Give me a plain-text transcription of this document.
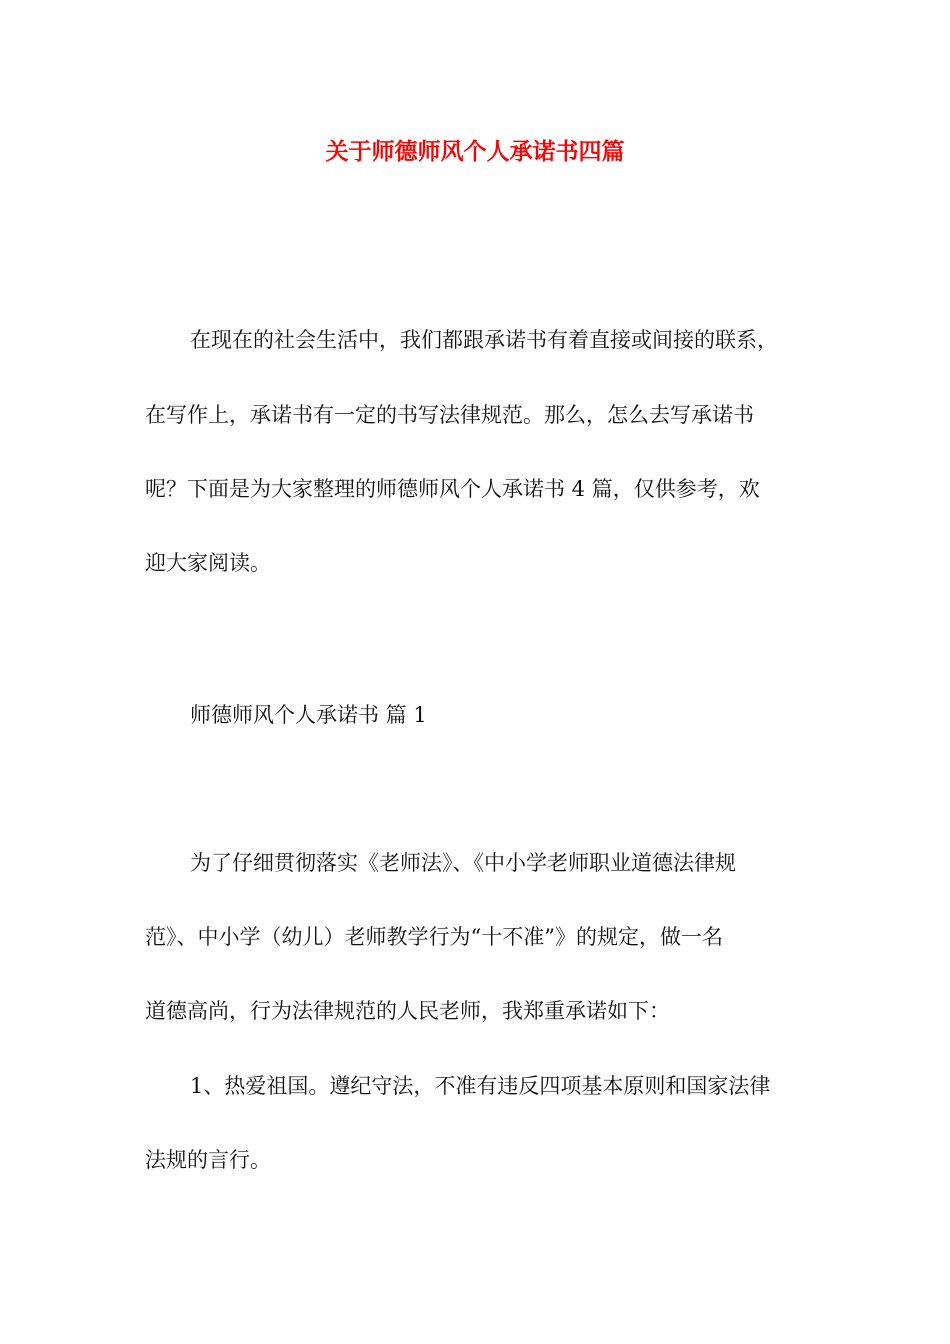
关于师德师风个人承诺书四篇

在现在的社会生活中，我们都跟承诺书有着直接或间接的联系，

在写作上，承诺书有一定的书写法律规范。那么，怎么去写承诺书

呢？下面是为大家整理的师德师风个人承诺书 4 篇，仅供参考，欢

迎大家阅读。

师德师风个人承诺书 篇 1

为了仔细贯彻落实《老师法》、《中小学老师职业道德法律规

范》、中小学（幼儿）老师教学行为“十不准”》的规定，做一名

道德高尚，行为法律规范的人民老师，我郑重承诺如下：

1、热爱祖国。遵纪守法，不准有违反四项基本原则和国家法律

法规的言行。
